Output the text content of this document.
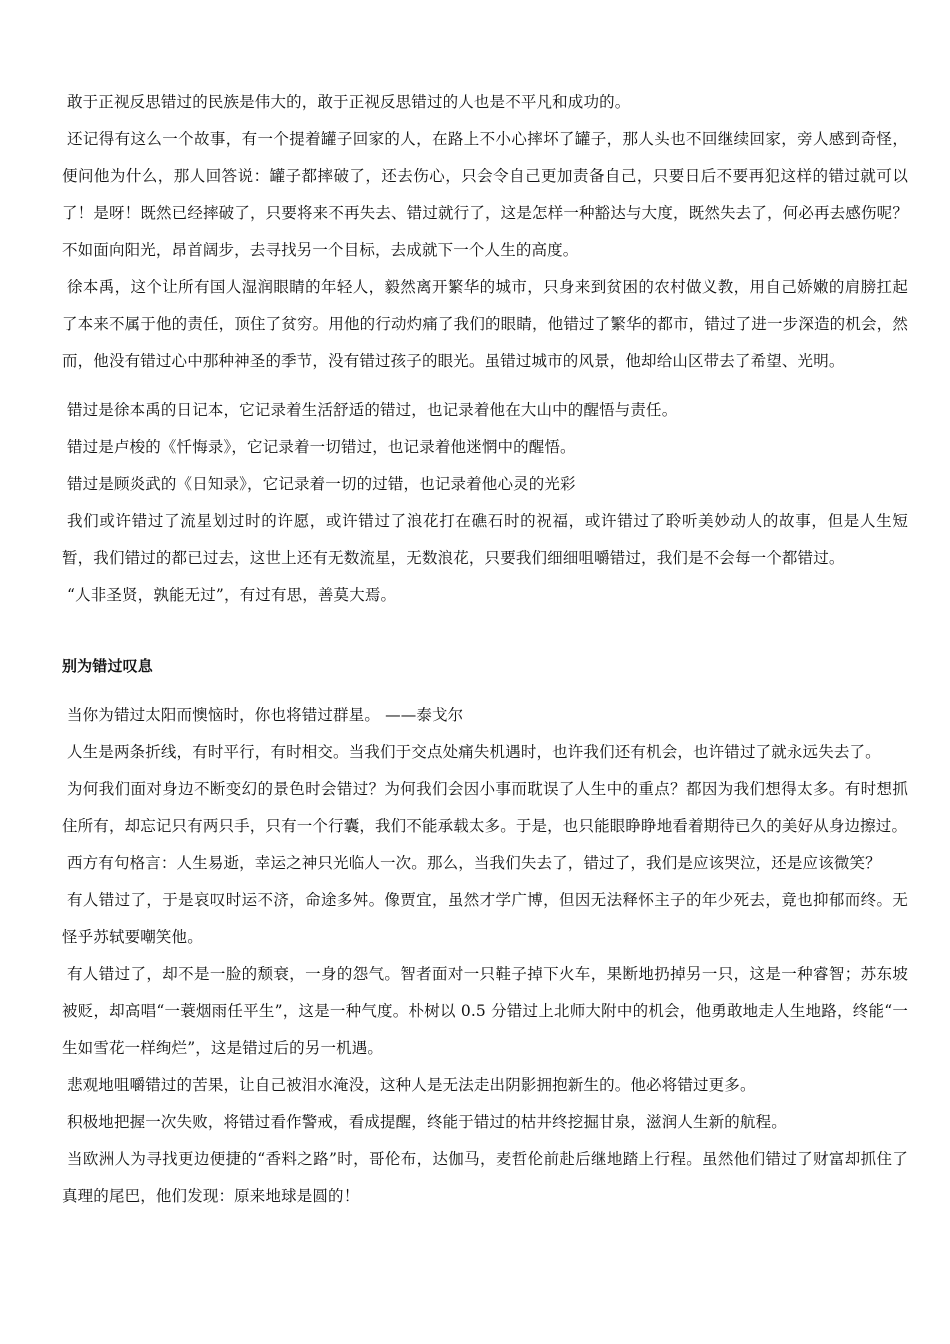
敢于正视反思错过的民族是伟大的，敢于正视反思错过的人也是不平凡和成功的。

还记得有这么一个故事，有一个提着罐子回家的人，在路上不小心摔坏了罐子，那人头也不回继续回家，旁人感到奇怪，便问他为什么，那人回答说：罐子都摔破了，还去伤心，只会令自己更加责备自己，只要日后不要再犯这样的错过就可以了！是呀！既然已经摔破了，只要将来不再失去、错过就行了，这是怎样一种豁达与大度，既然失去了，何必再去感伤呢？不如面向阳光，昂首阔步，去寻找另一个目标，去成就下一个人生的高度。

徐本禹，这个让所有国人湿润眼睛的年轻人，毅然离开繁华的城市，只身来到贫困的农村做义教，用自己娇嫩的肩膀扛起了本来不属于他的责任，顶住了贫穷。用他的行动灼痛了我们的眼睛，他错过了繁华的都市，错过了进一步深造的机会，然而，他没有错过心中那种神圣的季节，没有错过孩子的眼光。虽错过城市的风景，他却给山区带去了希望、光明。

错过是徐本禹的日记本，它记录着生活舒适的错过，也记录着他在大山中的醒悟与责任。

错过是卢梭的《忏悔录》，它记录着一切错过，也记录着他迷惘中的醒悟。

错过是顾炎武的《日知录》，它记录着一切的过错，也记录着他心灵的光彩

我们或许错过了流星划过时的许愿，或许错过了浪花打在礁石时的祝福，或许错过了聆听美妙动人的故事，但是人生短暂，我们错过的都已过去，这世上还有无数流星，无数浪花，只要我们细细咀嚼错过，我们是不会每一个都错过。

“人非圣贤，孰能无过”，有过有思，善莫大焉。

别为错过叹息

当你为错过太阳而懊恼时，你也将错过群星。 ——泰戈尔

人生是两条折线，有时平行，有时相交。当我们于交点处痛失机遇时，也许我们还有机会，也许错过了就永远失去了。

为何我们面对身边不断变幻的景色时会错过？为何我们会因小事而耽误了人生中的重点？都因为我们想得太多。有时想抓住所有，却忘记只有两只手，只有一个行囊，我们不能承载太多。于是，也只能眼睁睁地看着期待已久的美好从身边擦过。

西方有句格言：人生易逝，幸运之神只光临人一次。那么，当我们失去了，错过了，我们是应该哭泣，还是应该微笑？

有人错过了，于是哀叹时运不济，命途多舛。像贾宜，虽然才学广博，但因无法释怀主子的年少死去，竟也抑郁而终。无怪乎苏轼要嘲笑他。

有人错过了，却不是一脸的颓衰，一身的怨气。智者面对一只鞋子掉下火车，果断地扔掉另一只，这是一种睿智；苏东坡被贬，却高唱“一蓑烟雨任平生”，这是一种气度。朴树以 0.5 分错过上北师大附中的机会，他勇敢地走人生地路，终能“一生如雪花一样绚烂”，这是错过后的另一机遇。

悲观地咀嚼错过的苦果，让自己被泪水淹没，这种人是无法走出阴影拥抱新生的。他必将错过更多。

积极地把握一次失败，将错过看作警戒，看成提醒，终能于错过的枯井终挖掘甘泉，滋润人生新的航程。

当欧洲人为寻找更边便捷的“香料之路”时，哥伦布，达伽马，麦哲伦前赴后继地踏上行程。虽然他们错过了财富却抓住了真理的尾巴，他们发现：原来地球是圆的！
